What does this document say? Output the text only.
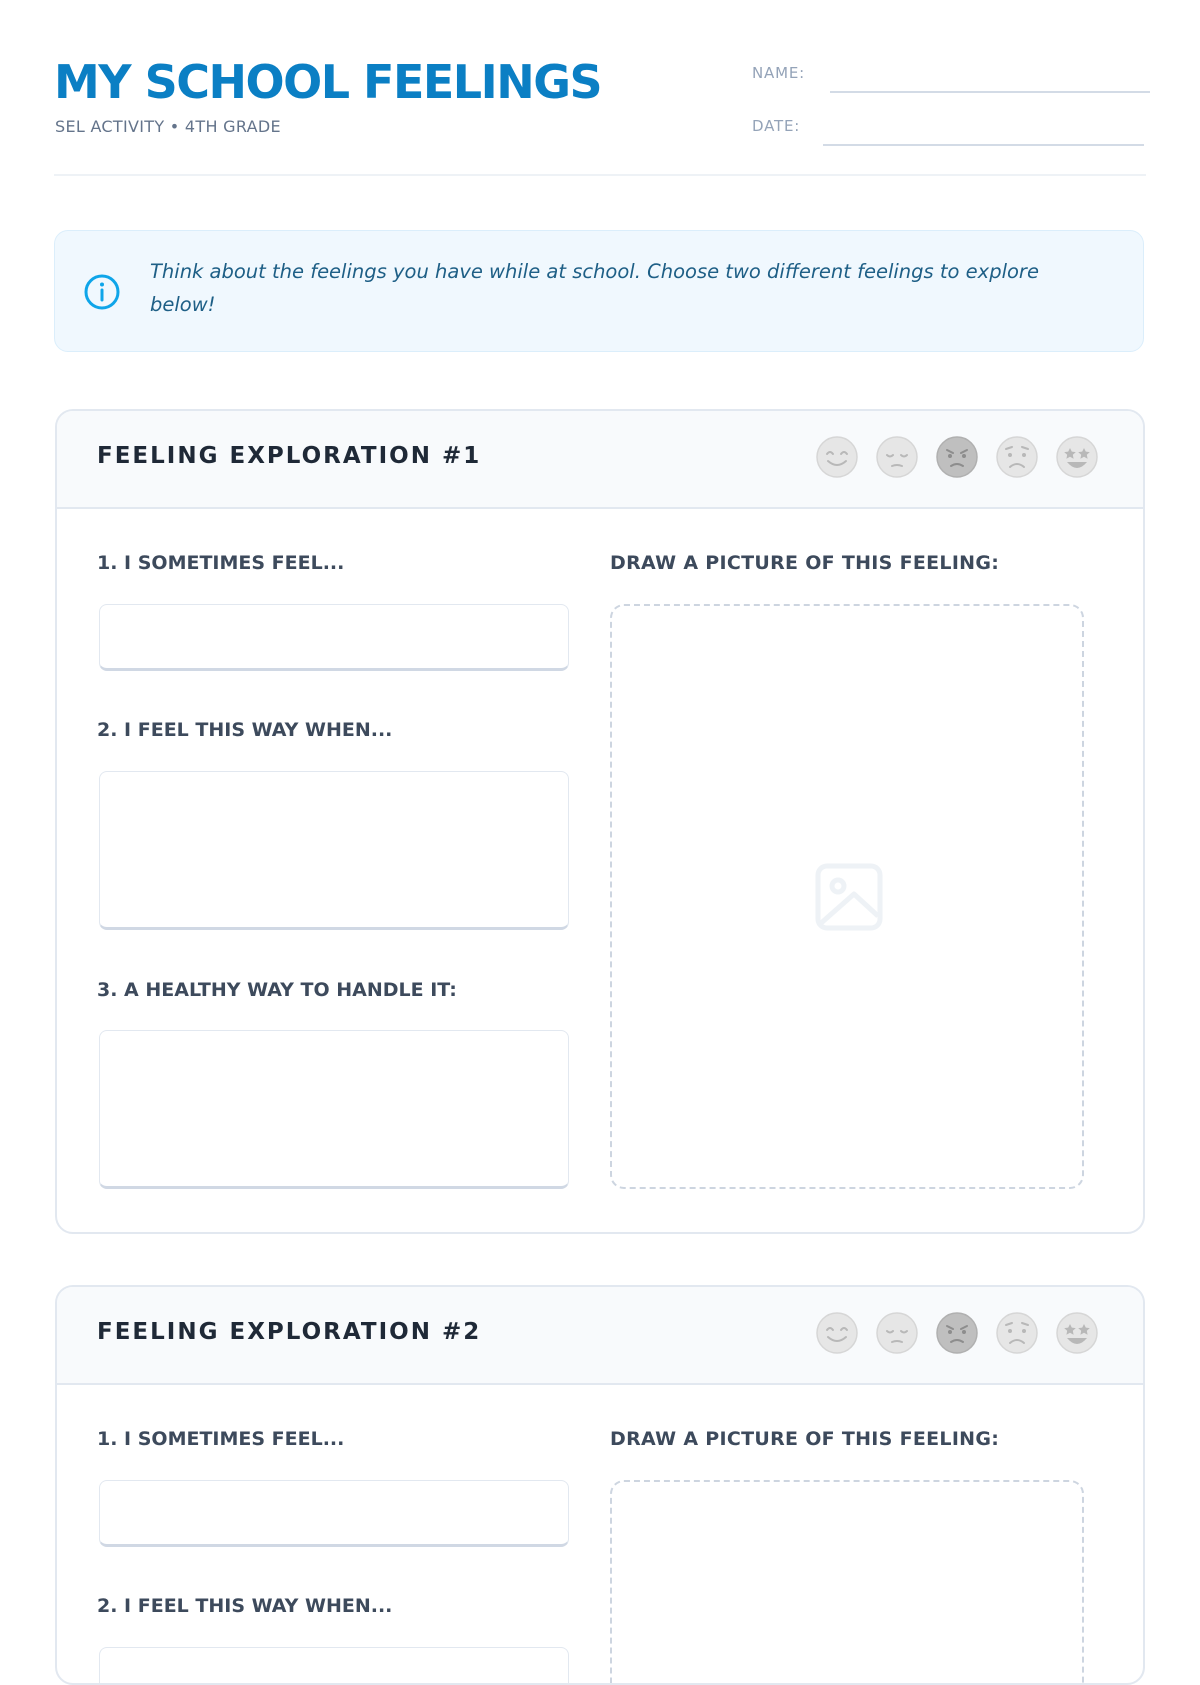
MY SCHOOL FEELINGS
SEL ACTIVITY • 4TH GRADE
NAME:
DATE:
Think about the feelings you have while at school. Choose two different feelings to explore below!
FEELING EXPLORATION #1
1. I SOMETIMES FEEL...
2. I FEEL THIS WAY WHEN...
3. A HEALTHY WAY TO HANDLE IT:
DRAW A PICTURE OF THIS FEELING:
FEELING EXPLORATION #2
1. I SOMETIMES FEEL...
2. I FEEL THIS WAY WHEN...
DRAW A PICTURE OF THIS FEELING:
